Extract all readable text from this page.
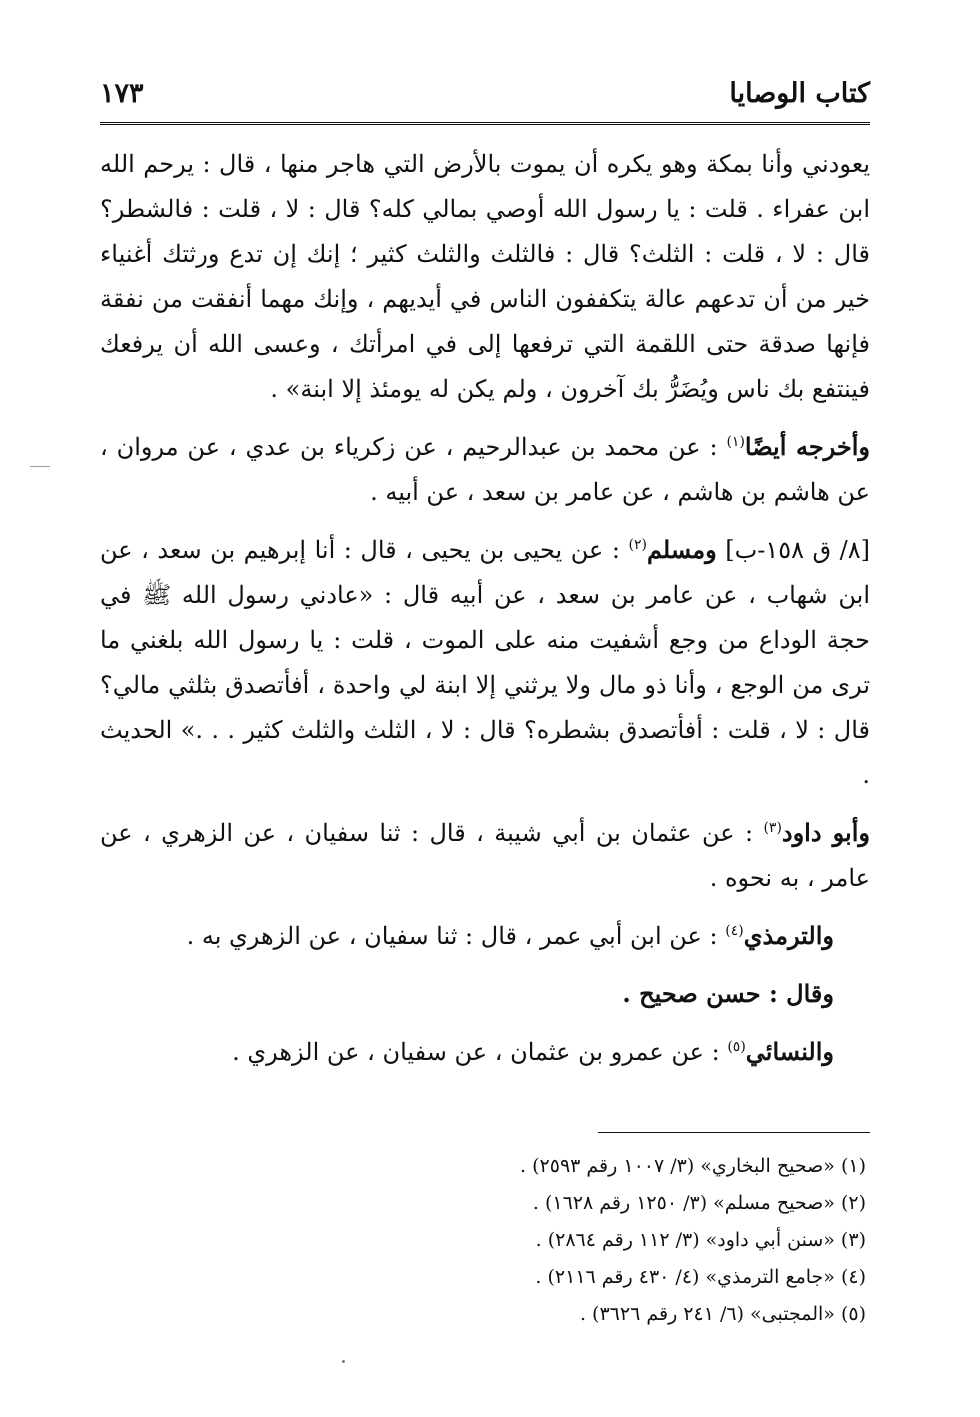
كتاب الوصايا
١٧٣

يعودني وأنا بمكة وهو يكره أن يموت بالأرض التي هاجر منها ، قال : يرحم الله ابن عفراء . قلت : يا رسول الله أوصي بمالي كله؟ قال : لا ، قلت : فالشطر؟ قال : لا ، قلت : الثلث؟ قال : فالثلث والثلث كثير ؛ إنك إن تدع ورثتك أغنياء خير من أن تدعهم عالة يتكففون الناس في أيديهم ، وإنك مهما أنفقت من نفقة فإنها صدقة حتى اللقمة التي ترفعها إلى في امرأتك ، وعسى الله أن يرفعك فينتفع بك ناس ويُضَرُّ بك آخرون ، ولم يكن له يومئذ إلا ابنة» .

وأخرجه أيضًا$^{(١)}$ : عن محمد بن عبدالرحيم ، عن زكرياء بن عدي ، عن مروان ، عن هاشم بن هاشم ، عن عامر بن سعد ، عن أبيه .

[٨/ ق ١٥٨-ب] ومسلم$^{(٢)}$ : عن يحيى بن يحيى ، قال : أنا إبرهيم بن سعد ، عن ابن شهاب ، عن عامر بن سعد ، عن أبيه قال : «عادني رسول الله ﷺ في حجة الوداع من وجع أشفيت منه على الموت ، قلت : يا رسول الله بلغني ما ترى من الوجع ، وأنا ذو مال ولا يرثني إلا ابنة لي واحدة ، أفأتصدق بثلثي مالي؟ قال : لا ، قلت : أفأتصدق بشطره؟ قال : لا ، الثلث والثلث كثير . . .» الحديث .

وأبو داود$^{(٣)}$ : عن عثمان بن أبي شيبة ، قال : ثنا سفيان ، عن الزهري ، عن عامر ، به نحوه .

والترمذي$^{(٤)}$ : عن ابن أبي عمر ، قال : ثنا سفيان ، عن الزهري به .

وقال : حسن صحيح .

والنسائي$^{(٥)}$ : عن عمرو بن عثمان ، عن سفيان ، عن الزهري .

(١) «صحيح البخاري» (٣/ ١٠٠٧ رقم ٢٥٩٣) .
(٢) «صحيح مسلم» (٣/ ١٢٥٠ رقم ١٦٢٨) .
(٣) «سنن أبي داود» (٣/ ١١٢ رقم ٢٨٦٤) .
(٤) «جامع الترمذي» (٤/ ٤٣٠ رقم ٢١١٦) .
(٥) «المجتبى» (٦/ ٢٤١ رقم ٣٦٢٦) .
